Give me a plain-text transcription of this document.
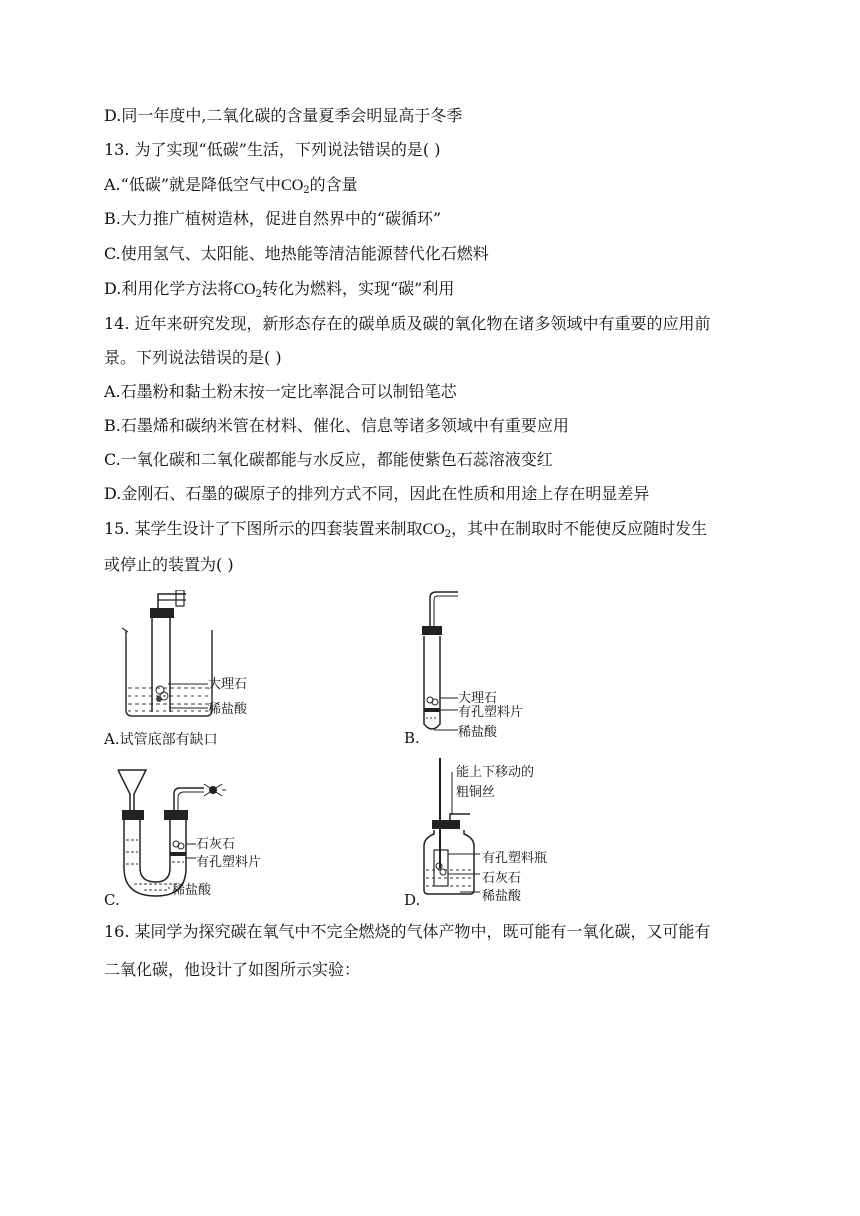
D.同一年度中,二氧化碳的含量夏季会明显高于冬季
13. 为了实现“低碳”生活，下列说法错误的是( )
A.“低碳”就是降低空气中$CO_2$的含量
B.大力推广植树造林，促进自然界中的“碳循环”
C.使用氢气、太阳能、地热能等清洁能源替代化石燃料
D.利用化学方法将$CO_2$转化为燃料，实现“碳”利用
14. 近年来研究发现，新形态存在的碳单质及碳的氧化物在诸多领域中有重要的应用前
景。下列说法错误的是( )
A.石墨粉和黏土粉末按一定比率混合可以制铅笔芯
B.石墨烯和碳纳米管在材料、催化、信息等诸多领域中有重要应用
C.一氧化碳和二氧化碳都能与水反应，都能使紫色石蕊溶液变红
D.金刚石、石墨的碳原子的排列方式不同，因此在性质和用途上存在明显差异
15. 某学生设计了下图所示的四套装置来制取$CO_2$，其中在制取时不能使反应随时发生
或停止的装置为( )
大理石
稀盐酸
A.试管底部有缺口
大理石
有孔塑料片
稀盐酸
B.
石灰石
有孔塑料片
稀盐酸
C.
能上下移动的
粗铜丝
有孔塑料瓶
石灰石
稀盐酸
D.
16. 某同学为探究碳在氧气中不完全燃烧的气体产物中，既可能有一氧化碳，又可能有
二氧化碳，他设计了如图所示实验：
